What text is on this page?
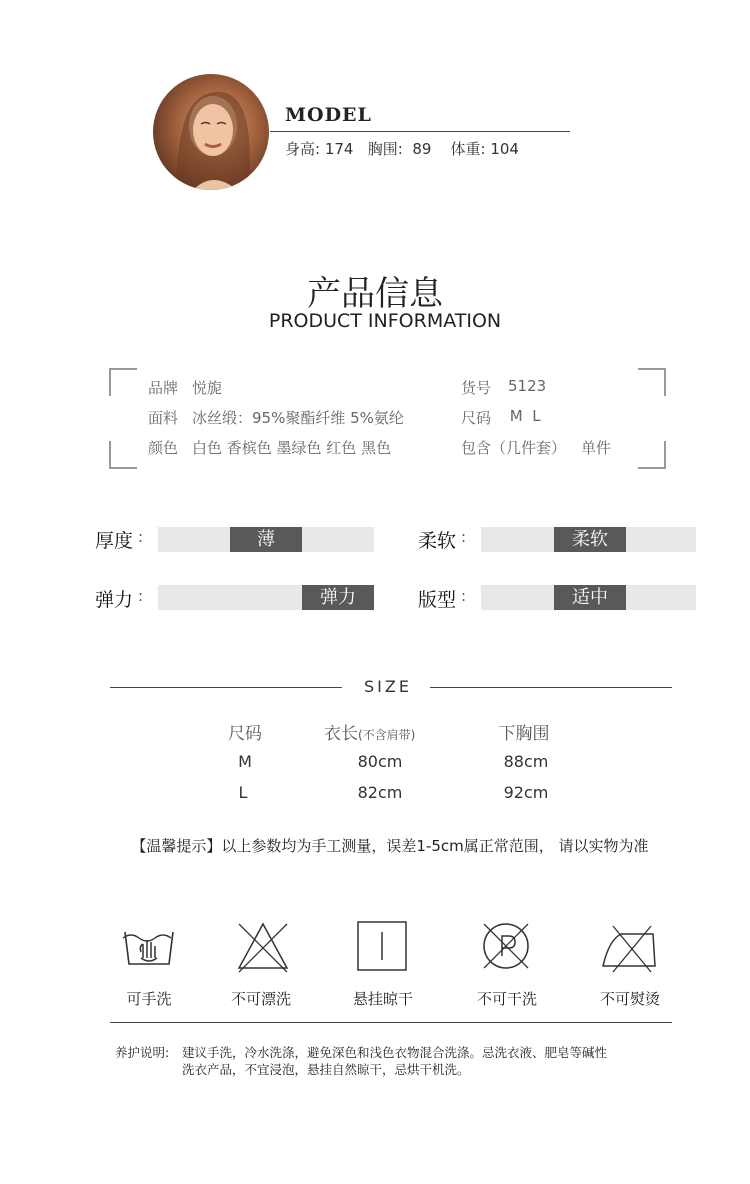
MODEL
身高: 174   胸围:  89    体重: 104
产品信息
PRODUCT INFORMATION
品牌 悦旎
面料 冰丝缎：95%聚酯纤维 5%氨纶
颜色 白色 香槟色 墨绿色 红色 黑色
货号 5123
尺码 M  L
包含（几件套） 单件
厚度 :	薄	柔软 :	柔软
弹力 :	弹力	版型 :	适中
SIZE
尺码	衣长(不含肩带)	下胸围
M	80cm	88cm
L	82cm	92cm
【温馨提示】以上参数均为手工测量，误差1-5cm属正常范围， 请以实物为准
可手洗	不可漂洗	悬挂晾干	不可干洗	不可熨烫
养护说明: 建议手洗，冷水洗涤，避免深色和浅色衣物混合洗涤。忌洗衣液、肥皂等碱性
洗衣产品，不宜浸泡，悬挂自然晾干，忌烘干机洗。
